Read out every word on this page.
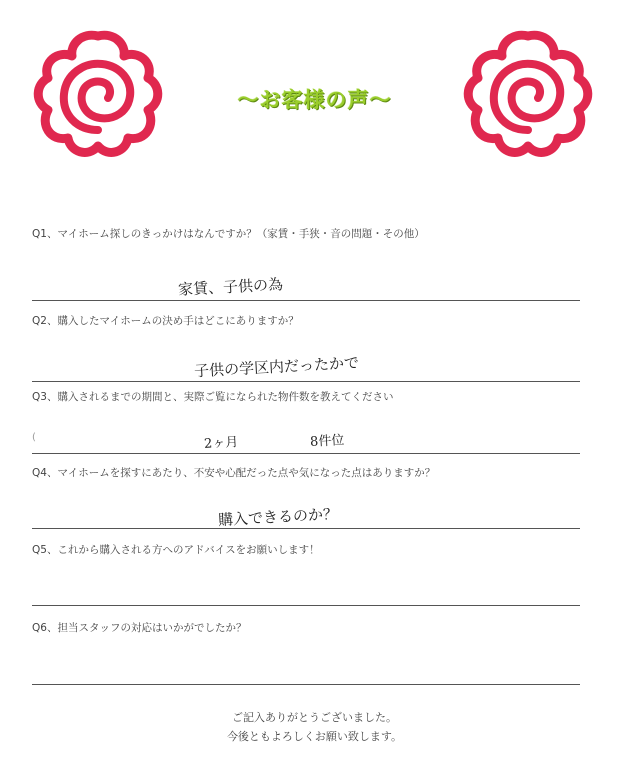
～お客様の声～
Q1、マイホーム探しのきっかけはなんですか？（家賃・手狭・音の問題・その他）
家賃、子供の為
Q2、購入したマイホームの決め手はどこにありますか？
子供の学区内だったかで
Q3、購入されるまでの期間と、実際ご覧になられた物件数を教えてください
(	2ヶ月	8件位
Q4、マイホームを探すにあたり、不安や心配だった点や気になった点はありますか？
購入できるのか？
Q5、これから購入される方へのアドバイスをお願いします！
Q6、担当スタッフの対応はいかがでしたか？
ご記入ありがとうございました。
今後ともよろしくお願い致します。
